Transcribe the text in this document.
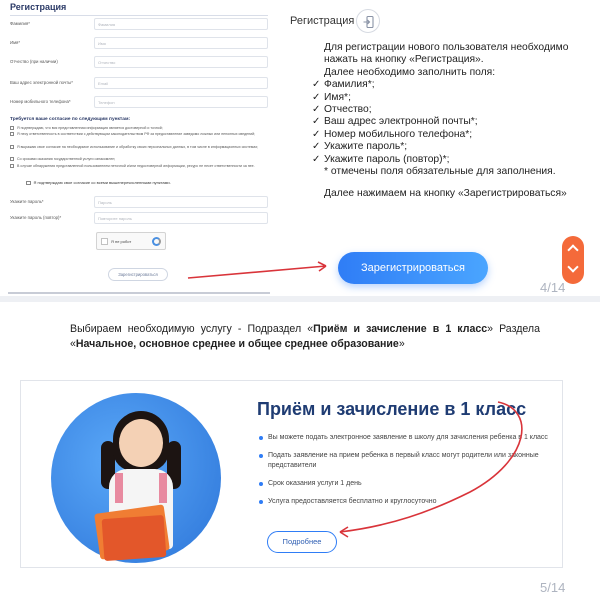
Регистрация
Фамилия*	Фамилия
Имя*	Имя
Отчество (при наличии)	Отчество
Ваш адрес электронной почты*	Email
Номер мобильного телефона*	Телефон
Требуется ваше согласие по следующим пунктам:
Я подтверждаю, что вся представленная информация является достоверной и точной;
Я несу ответственность в соответствии с действующим законодательством РФ за предоставление заведомо ложных или неполных сведений;
Я выражаю свое согласие на необходимое использование и обработку своих персональных данных, в том числе в информационных системах;
Со сроками оказания государственной услуги ознакомлен;
В случае обнаружения представленной пользователем неточной и/или недостоверной информации, ресурс не несет ответственности за нее.
Я подтверждаю свое согласие со всеми вышеперечисленными пунктами.
Укажите пароль*	Пароль
Укажите пароль (повтор)*	Повторите пароль
Я не робот
Зарегистрироваться
Регистрация
Для регистрации нового пользователя необходимо нажать на кнопку «Регистрация».
Далее необходимо заполнить поля:
✓ Фамилия*;
✓ Имя*;
✓ Отчество;
✓ Ваш адрес электронной почты*;
✓ Номер мобильного телефона*;
✓ Укажите пароль*;
✓ Укажите пароль (повтор)*;
* отмечены поля обязательные для заполнения.
Далее нажимаем на кнопку «Зарегистрироваться»
Зарегистрироваться
4/14
Выбираем необходимую услугу - Подраздел «Приём и зачисление в 1 класс» Раздела «Начальное, основное среднее и общее среднее образование»
Приём и зачисление в 1 класс
Вы можете подать электронное заявление в школу для зачисления ребенка в 1 класс
Подать заявление на прием ребенка в первый класс могут родители или законные представители
Срок оказания услуги 1 день
Услуга предоставляется бесплатно и круглосуточно
Подробнее
5/14
